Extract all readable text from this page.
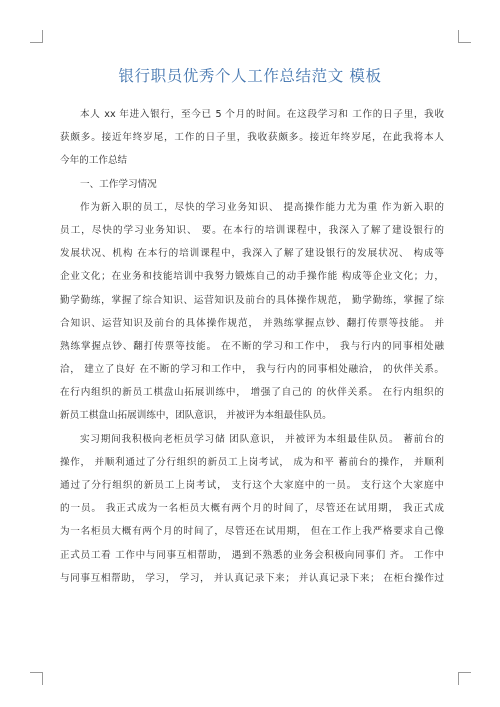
银行职员优秀个人工作总结范文 模板
本人 xx 年进入银行，至今已 5 个月的时间。在这段学习和 工作的日子里，我收
获颇多。接近年终岁尾，工作的日子里，我收获颇多。接近年终岁尾，在此我将本人
今年的工作总结
一、工作学习情况
作为新入职的员工，尽快的学习业务知识、 提高操作能力尤为重 作为新入职的
员工，尽快的学习业务知识、 要。在本行的培训课程中，我深入了解了建设银行的
发展状况、机构 在本行的培训课程中，我深入了解了建设银行的发展状况、 构成等
企业文化；在业务和技能培训中我努力锻炼自己的动手操作能 构成等企业文化；力，
勤学勤练，掌握了综合知识、运营知识及前台的具体操作规范， 勤学勤练，掌握了综
合知识、运营知识及前台的具体操作规范， 并熟练掌握点钞、翻打传票等技能。 并
熟练掌握点钞、翻打传票等技能。 在不断的学习和工作中， 我与行内的同事相处融
洽， 建立了良好 在不断的学习和工作中， 我与行内的同事相处融洽， 的伙伴关系。
在行内组织的新员工棋盘山拓展训练中， 增强了自己的 的伙伴关系。 在行内组织的
新员工棋盘山拓展训练中，团队意识， 并被评为本组最佳队员。
实习期间我积极向老柜员学习储 团队意识， 并被评为本组最佳队员。 蓄前台的
操作， 并顺利通过了分行组织的新员工上岗考试， 成为和平 蓄前台的操作， 并顺利
通过了分行组织的新员工上岗考试， 支行这个大家庭中的一员。 支行这个大家庭中
的一员。 我正式成为一名柜员大概有两个月的时间了，尽管还在试用期， 我正式成
为一名柜员大概有两个月的时间了，尽管还在试用期， 但在工作上我严格要求自己像
正式员工看 工作中与同事互相帮助， 遇到不熟悉的业务会积极向同事们 齐。 工作中
与同事互相帮助， 学习， 学习， 并认真记录下来； 并认真记录下来； 在柜台操作过
